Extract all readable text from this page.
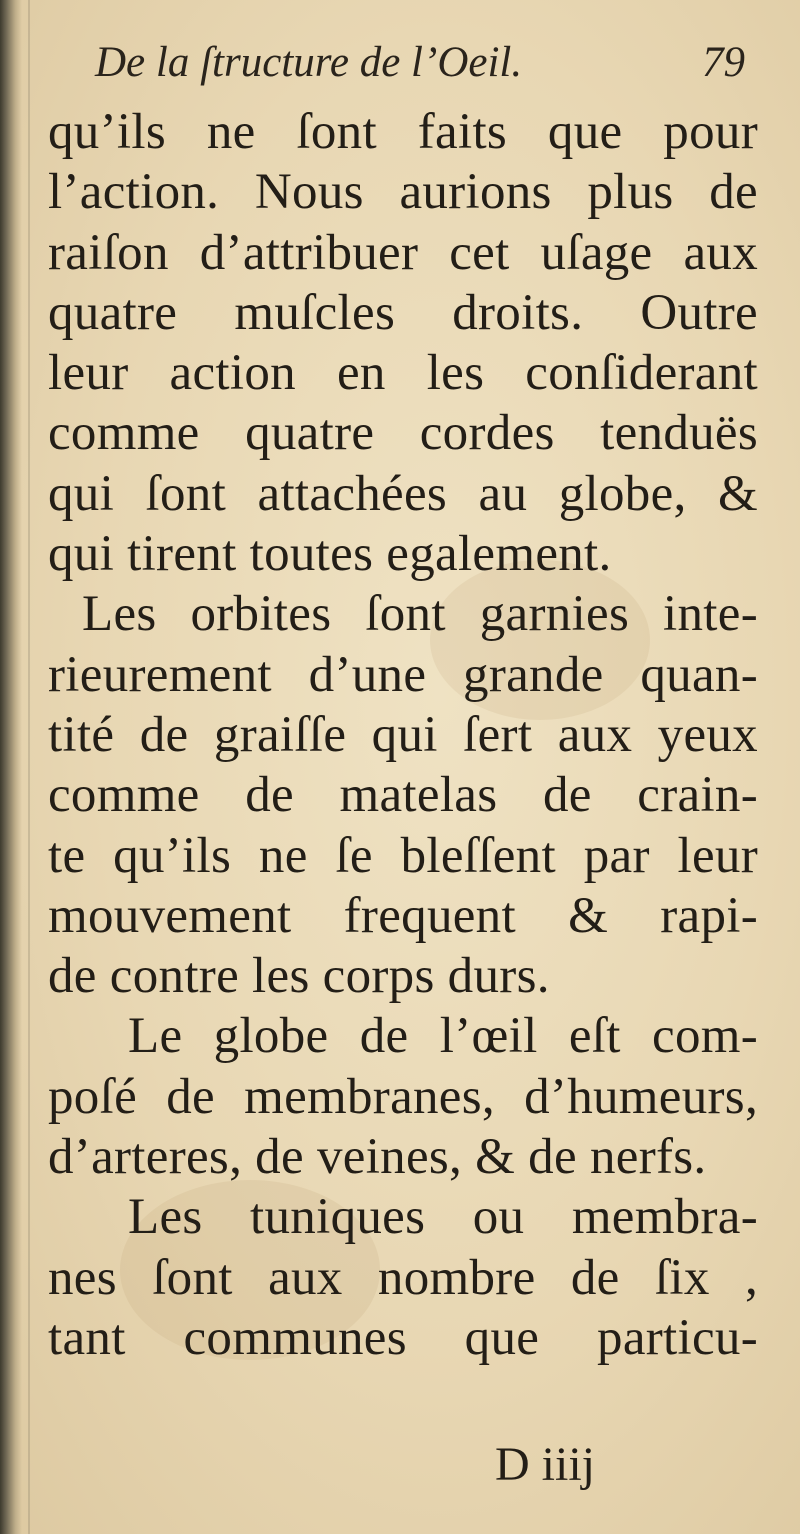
De la ſtructure de l’Oeil.	79
qu’ils ne ſont faits que pour
l’action. Nous aurions plus de
raiſon d’attribuer cet uſage aux
quatre muſcles droits. Outre
leur action en les conſiderant
comme quatre cordes tenduës
qui ſont attachées au globe, &
qui tirent toutes egalement.
Les orbites ſont garnies inte-
rieurement d’une grande quan-
tité de graiſſe qui ſert aux yeux
comme de matelas de crain-
te qu’ils ne ſe bleſſent par leur
mouvement frequent & rapi-
de contre les corps durs.
Le globe de l’œil eſt com-
poſé de membranes, d’humeurs,
d’arteres, de veines, & de nerfs.
Les tuniques ou membra-
nes ſont aux nombre de ſix ,
tant communes que particu-
D iiij
